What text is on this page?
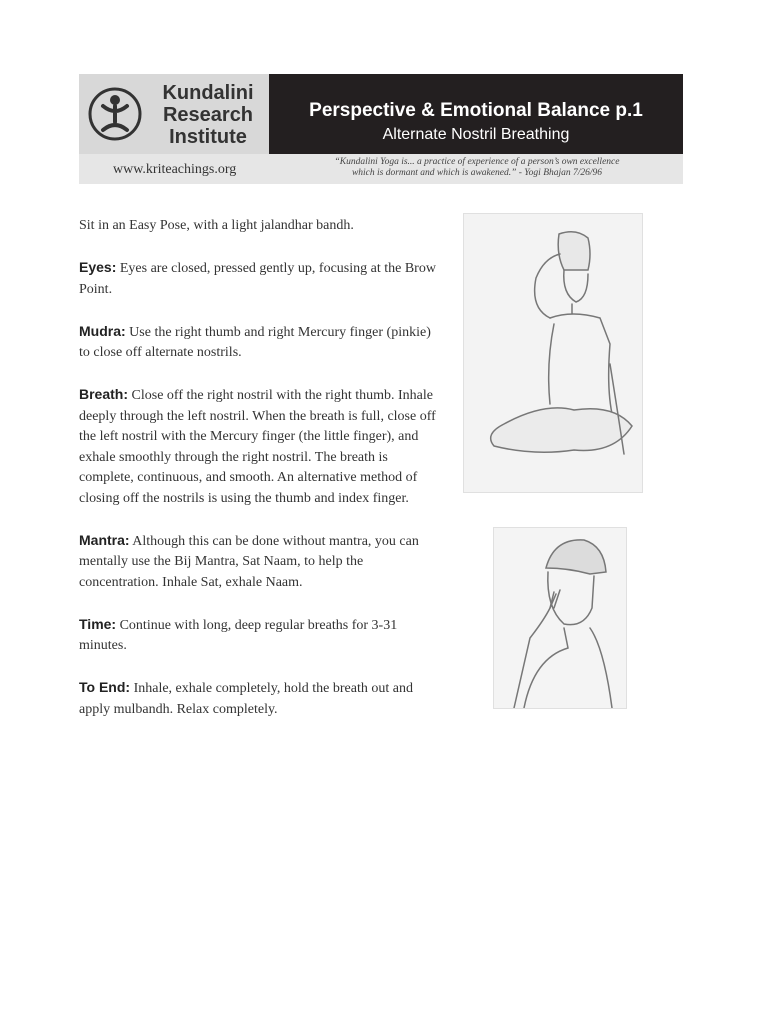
Kundalini
Research
Institute
Perspective & Emotional Balance p.1
Alternate Nostril Breathing
www.kriteachings.org	“Kundalini Yoga is... a practice of experience of a person’s own excellence
which is dormant and which is awakened.” - Yogi Bhajan 7/26/96

Sit in an Easy Pose, with a light jalandhar bandh.

Eyes: Eyes are closed, pressed gently up, focusing at the Brow Point.

Mudra: Use the right thumb and right Mercury finger (pinkie) to close off alternate nostrils.

Breath: Close off the right nostril with the right thumb. Inhale deeply through the left nostril. When the breath is full, close off the left nostril with the Mercury finger (the little finger), and exhale smoothly through the right nostril. The breath is complete, continuous, and smooth. An alternative method of closing off the nostrils is using the thumb and index finger.

Mantra: Although this can be done without mantra, you can mentally use the Bij Mantra, Sat Naam, to help the concentration. Inhale Sat, exhale Naam.

Time: Continue with long, deep regular breaths for 3-31 minutes.

To End: Inhale, exhale completely, hold the breath out and apply mulbandh. Relax completely.
